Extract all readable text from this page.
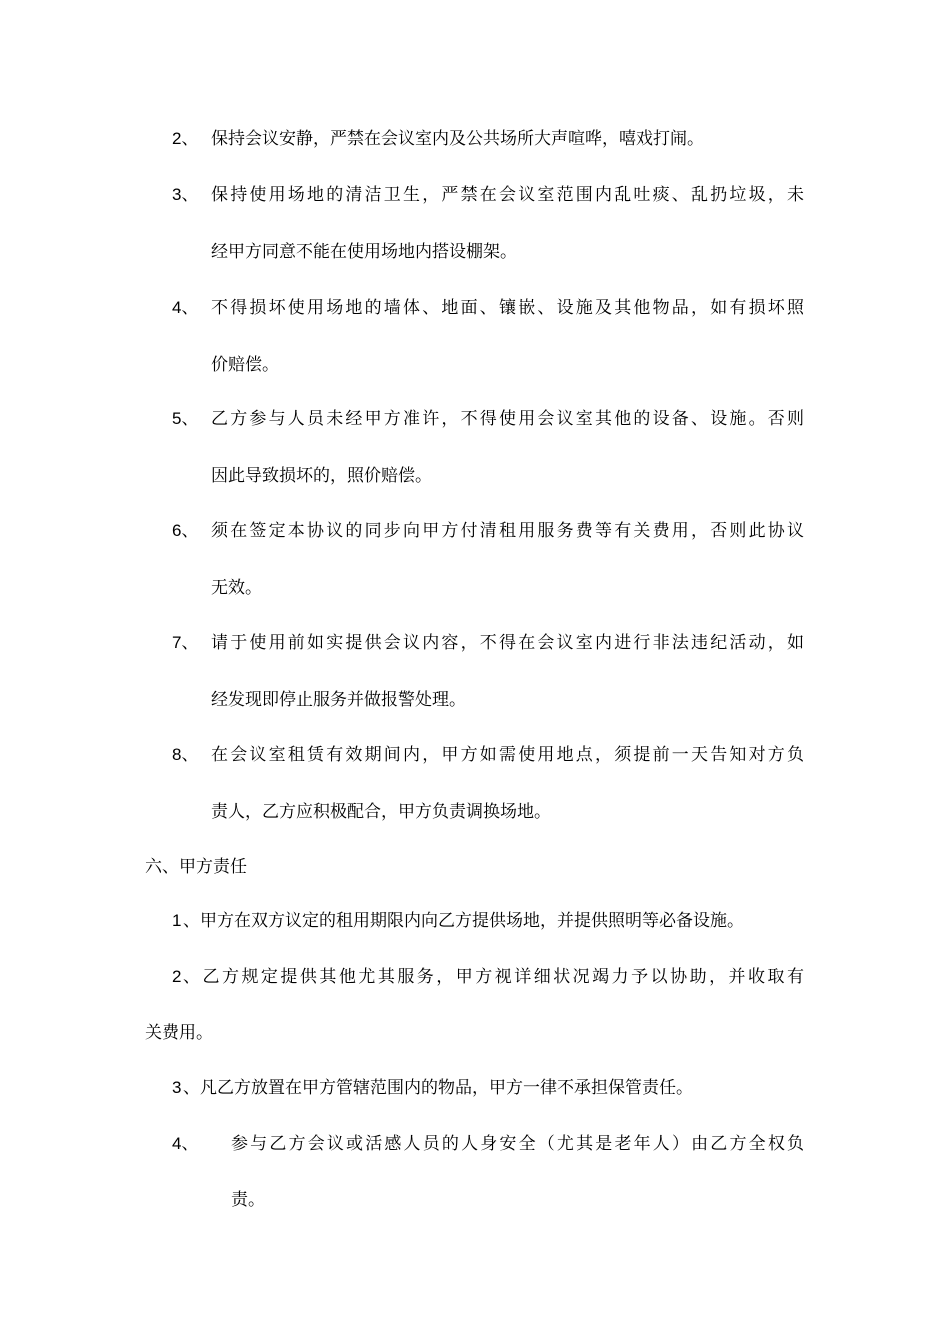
2、 保持会议安静，严禁在会议室内及公共场所大声喧哗，嘻戏打闹。
3、 保持使用场地的清洁卫生，严禁在会议室范围内乱吐痰、乱扔垃圾，未
经甲方同意不能在使用场地内搭设棚架。
4、 不得损坏使用场地的墙体、地面、镶嵌、设施及其他物品，如有损坏照
价赔偿。
5、 乙方参与人员未经甲方准许，不得使用会议室其他的设备、设施。否则
因此导致损坏的，照价赔偿。
6、 须在签定本协议的同步向甲方付清租用服务费等有关费用，否则此协议
无效。
7、 请于使用前如实提供会议内容，不得在会议室内进行非法违纪活动，如
经发现即停止服务并做报警处理。
8、 在会议室租赁有效期间内，甲方如需使用地点，须提前一天告知对方负
责人，乙方应积极配合，甲方负责调换场地。
六、甲方责任
1 、甲方在双方议定的租用期限内向乙方提供场地，并提供照明等必备设施。
2 、乙方规定提供其他尤其服务，甲方视详细状况竭力予以协助，并收取有
关费用。
3 、凡乙方放置在甲方管辖范围内的物品，甲方一律不承担保管责任。
4、 参与乙方会议或活感人员的人身安全（尤其是老年人）由乙方全权负
责。
